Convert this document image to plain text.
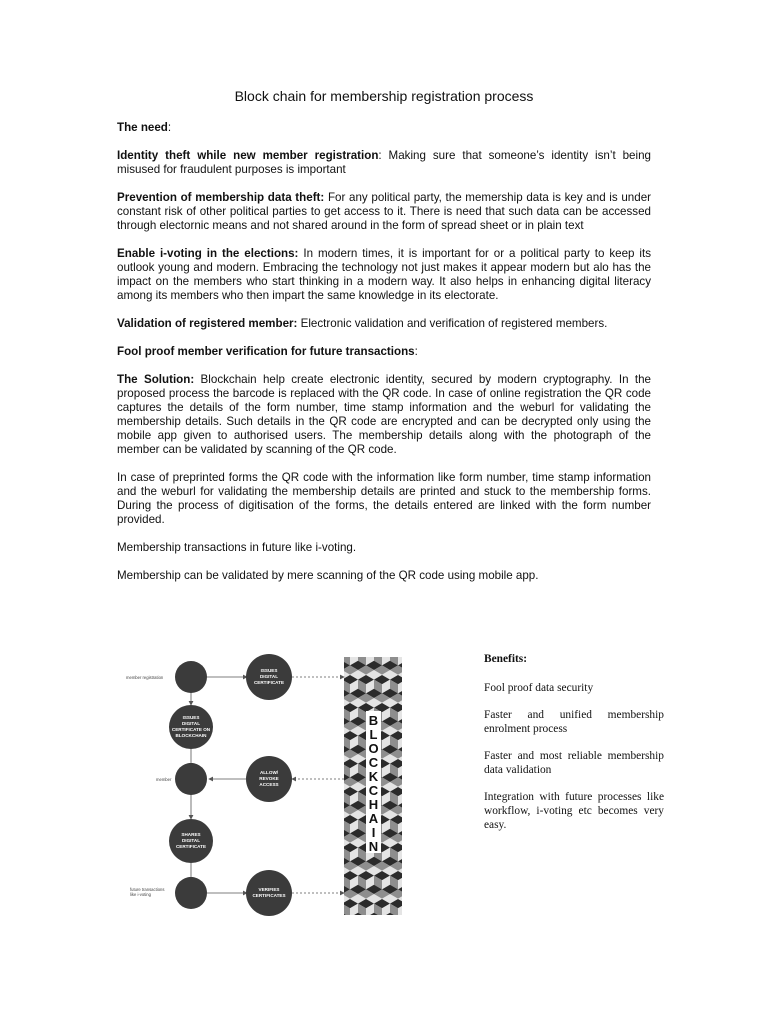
Block chain for membership registration process

The need:

Identity theft while new member registration: Making sure that someone’s identity isn’t being misused for fraudulent purposes is important

Prevention of membership data theft: For any political party, the memership data is key and is under constant risk of other political parties to get access to it. There is need that such data can be accessed through electornic means and not shared around in the form of spread sheet or in plain text

Enable i-voting in the elections: In modern times, it is important for or a political party to keep its outlook young and modern. Embracing the technology not just makes it appear modern but alo has the impact on the members who start thinking in a modern way. It also helps in enhancing digital literacy among its members who then impart the same knowledge in its electorate.

Validation of registered member: Electronic validation and verification of registered members.

Fool proof member verification for future transactions:

The Solution: Blockchain help create electronic identity, secured by modern cryptography. In the proposed process the barcode is replaced with the QR code. In case of online registration the QR code captures the details of the form number, time stamp information and the weburl for validating the membership details. Such details in the QR code are encrypted and can be decrypted only using the mobile app given to authorised users. The membership details along with the photograph of the member can be validated by scanning of the QR code.

In case of preprinted forms the QR code with the information like form number, time stamp information and the weburl for validating the membership details are printed and stuck to the membership forms. During the process of digitisation of the forms, the details entered are linked with the form number provided.

Membership transactions in future like i-voting.

Membership can be validated by mere scanning of the QR code using mobile app.

member registration
member
future transactions
like i-voting
ISSUES
DIGITAL
CERTIFICATE
ISSUES
DIGITAL
CERTIFICATE ON
BLOCKCHAIN
ALLOW/
REVOKE
ACCESS
SHARES
DIGITAL
CERTIFICATE
VERIFIES
CERTIFICATES
B
L
O
C
K
C
H
A
I
N

Benefits:

Fool proof data security

Faster and unified membership enrolment process

Faster and most reliable membership data validation

Integration with future processes like workflow, i-voting etc becomes very easy.
